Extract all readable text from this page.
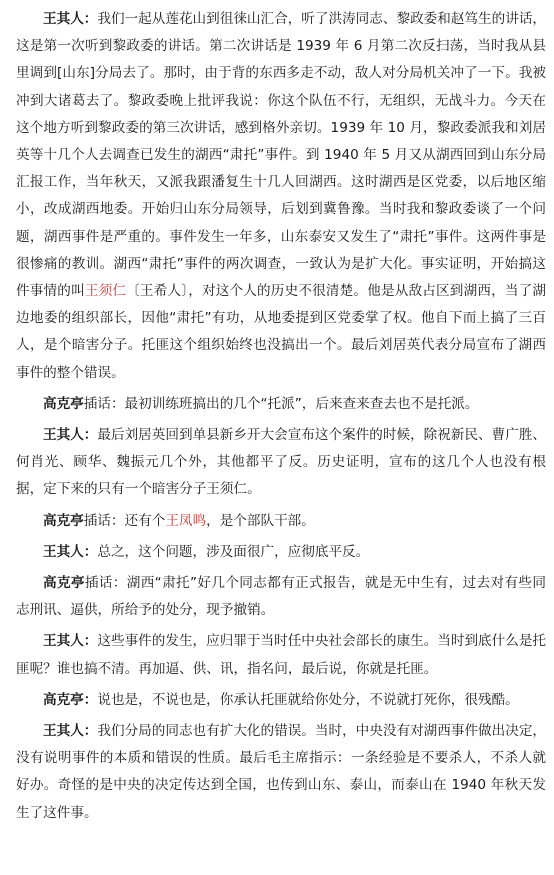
王其人：我们一起从莲花山到徂徕山汇合，听了洪涛同志、黎政委和赵笃生的讲话，这是第一次听到黎政委的讲话。第二次讲话是 1939 年 6 月第二次反扫荡，当时我从县里调到[山东]分局去了。那时，由于背的东西多走不动，敌人对分局机关冲了一下。我被冲到大诸葛去了。黎政委晚上批评我说：你这个队伍不行，无组织，无战斗力。今天在这个地方听到黎政委的第三次讲话，感到格外亲切。1939 年 10 月，黎政委派我和刘居英等十几个人去调查已发生的湖西“肃托”事件。到 1940 年 5 月又从湖西回到山东分局汇报工作，当年秋天，又派我跟潘复生十几人回湖西。这时湖西是区党委，以后地区缩小，改成湖西地委。开始归山东分局领导，后划到冀鲁豫。当时我和黎政委谈了一个问题，湖西事件是严重的。事件发生一年多，山东泰安又发生了“肃托”事件。这两件事是很惨痛的教训。湖西“肃托”事件的两次调查，一致认为是扩大化。事实证明，开始搞这件事情的叫王须仁〔王希人〕，对这个人的历史不很清楚。他是从敌占区到湖西，当了湖边地委的组织部长，因他“肃托”有功，从地委提到区党委掌了权。他自下而上搞了三百人，是个暗害分子。托匪这个组织始终也没搞出一个。最后刘居英代表分局宣布了湖西事件的整个错误。

高克亭插话：最初训练班搞出的几个“托派”，后来查来查去也不是托派。

王其人：最后刘居英回到单县新乡开大会宣布这个案件的时候，除祝新民、曹广胜、何肖光、顾华、魏振元几个外，其他都平了反。历史证明，宣布的这几个人也没有根据，定下来的只有一个暗害分子王须仁。

高克亭插话：还有个王凤鸣，是个部队干部。

王其人：总之，这个问题，涉及面很广，应彻底平反。

高克亭插话：湖西“肃托”好几个同志都有正式报告，就是无中生有，过去对有些同志刑讯、逼供，所给予的处分，现予撤销。

王其人：这些事件的发生，应归罪于当时任中央社会部长的康生。当时到底什么是托匪呢？谁也搞不清。再加逼、供、讯，指名问，最后说，你就是托匪。

高克亭：说也是，不说也是，你承认托匪就给你处分，不说就打死你，很残酷。

王其人：我们分局的同志也有扩大化的错误。当时，中央没有对湖西事件做出决定，没有说明事件的本质和错误的性质。最后毛主席指示：一条经验是不要杀人，不杀人就好办。奇怪的是中央的决定传达到全国，也传到山东、泰山，而泰山在 1940 年秋天发生了这件事。
